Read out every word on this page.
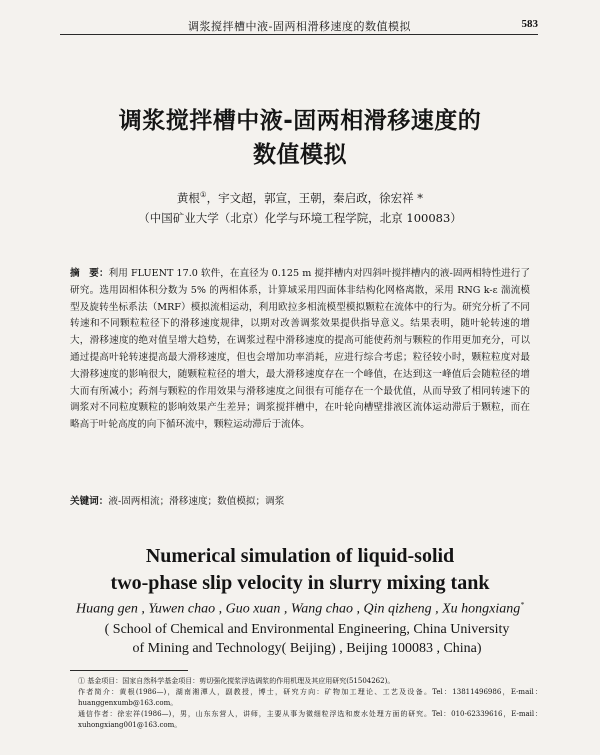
调浆搅拌槽中液-固两相滑移速度的数值模拟	583
调浆搅拌槽中液-固两相滑移速度的
数值模拟
黄根①，宇文超，郭宣，王朝，秦启政，徐宏祥 *
（中国矿业大学（北京）化学与环境工程学院，北京 100083）
摘　要：利用 FLUENT 17.0 软件，在直径为 0.125 m 搅拌槽内对四斜叶搅拌槽内的液-固两相特性进行了研究。选用固相体积分数为 5% 的两相体系，计算域采用四面体非结构化网格离散，采用 RNG k-ε 湍流模型及旋转坐标系法（MRF）模拟流相运动，利用欧拉多相流模型模拟颗粒在流体中的行为。研究分析了不同转速和不同颗粒粒径下的滑移速度规律，以期对改善调浆效果提供指导意义。结果表明，随叶轮转速的增大，滑移速度的绝对值呈增大趋势，在调浆过程中滑移速度的提高可能使药剂与颗粒的作用更加充分，可以通过提高叶轮转速提高最大滑移速度，但也会增加功率消耗，应进行综合考虑；粒径较小时，颗粒粒度对最大滑移速度的影响很大，随颗粒粒径的增大，最大滑移速度存在一个峰值，在达到这一峰值后会随粒径的增大而有所减小；药剂与颗粒的作用效果与滑移速度之间很有可能存在一个最优值，从而导致了相同转速下的调浆对不同粒度颗粒的影响效果产生差异；调浆搅拌槽中，在叶轮向槽壁排液区流体运动滞后于颗粒，而在略高于叶轮高度的向下循环流中，颗粒运动滞后于流体。
关键词：液-固两相流；滑移速度；数值模拟；调浆
Numerical simulation of liquid-solid
two-phase slip velocity in slurry mixing tank
Huang gen , Yuwen chao , Guo xuan , Wang chao , Qin qizheng , Xu hongxiang*
( School of Chemical and Environmental Engineering, China University of Mining and Technology( Beijing) , Beijing 100083 , China)

① 基金项目：国家自然科学基金项目：剪切强化搅浆浮选调浆的作用机理及其应用研究(51504262)。

作者简介：黄根(1986—)，湖南湘潭人，副教授，博士，研究方向：矿物加工理论、工艺及设备。Tel：13811496986，E-mail：huanggenxumb@163.com。

通信作者：徐宏祥(1986—)，男，山东东营人，讲师，主要从事为微细粒浮选和废水处理方面的研究。Tel：010-62339616，E-mail：xuhongxiang001@163.com。
